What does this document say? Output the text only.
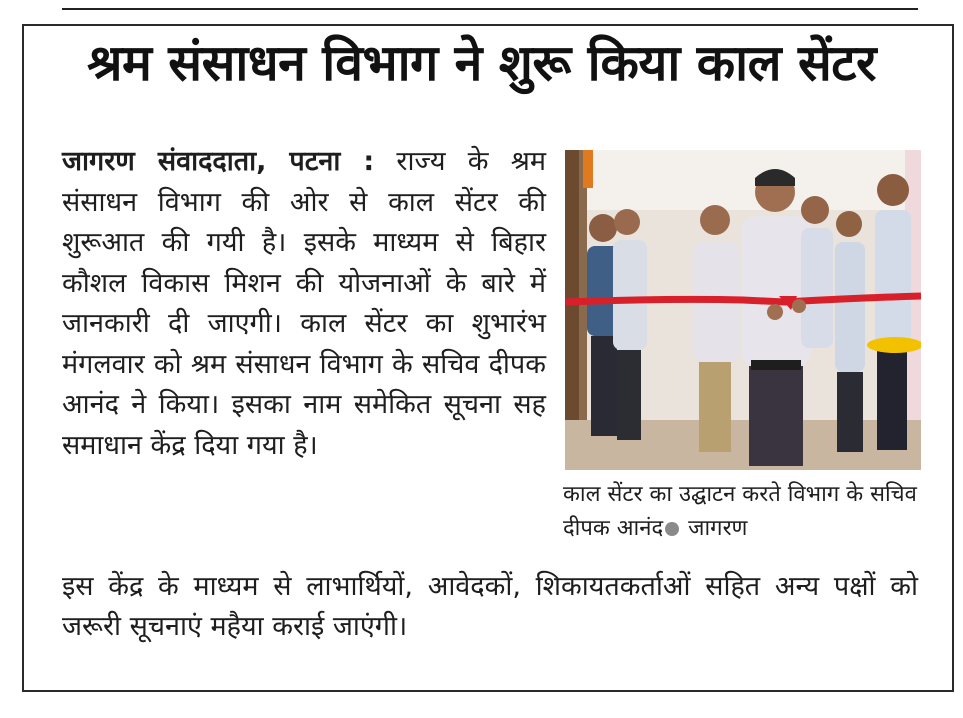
श्रम संसाधन विभाग ने शुरू किया काल सेंटर

जागरण संवाददाता, पटना : राज्य के श्रम संसाधन विभाग की ओर से काल सेंटर की शुरूआत की गयी है। इसके माध्यम से बिहार कौशल विकास मिशन की योजनाओं के बारे में जानकारी दी जाएगी। काल सेंटर का शुभारंभ मंगलवार को श्रम संसाधन विभाग के सचिव दीपक आनंद ने किया। इसका नाम समेकित सूचना सह समाधान केंद्र दिया गया है।

काल सेंटर का उद्घाटन करते विभाग के सचिव दीपक आनंद जागरण

इस केंद्र के माध्यम से लाभार्थियों, आवेदकों, शिकायतकर्ताओं सहित अन्य पक्षों को जरूरी सूचनाएं महैया कराई जाएंगी।
